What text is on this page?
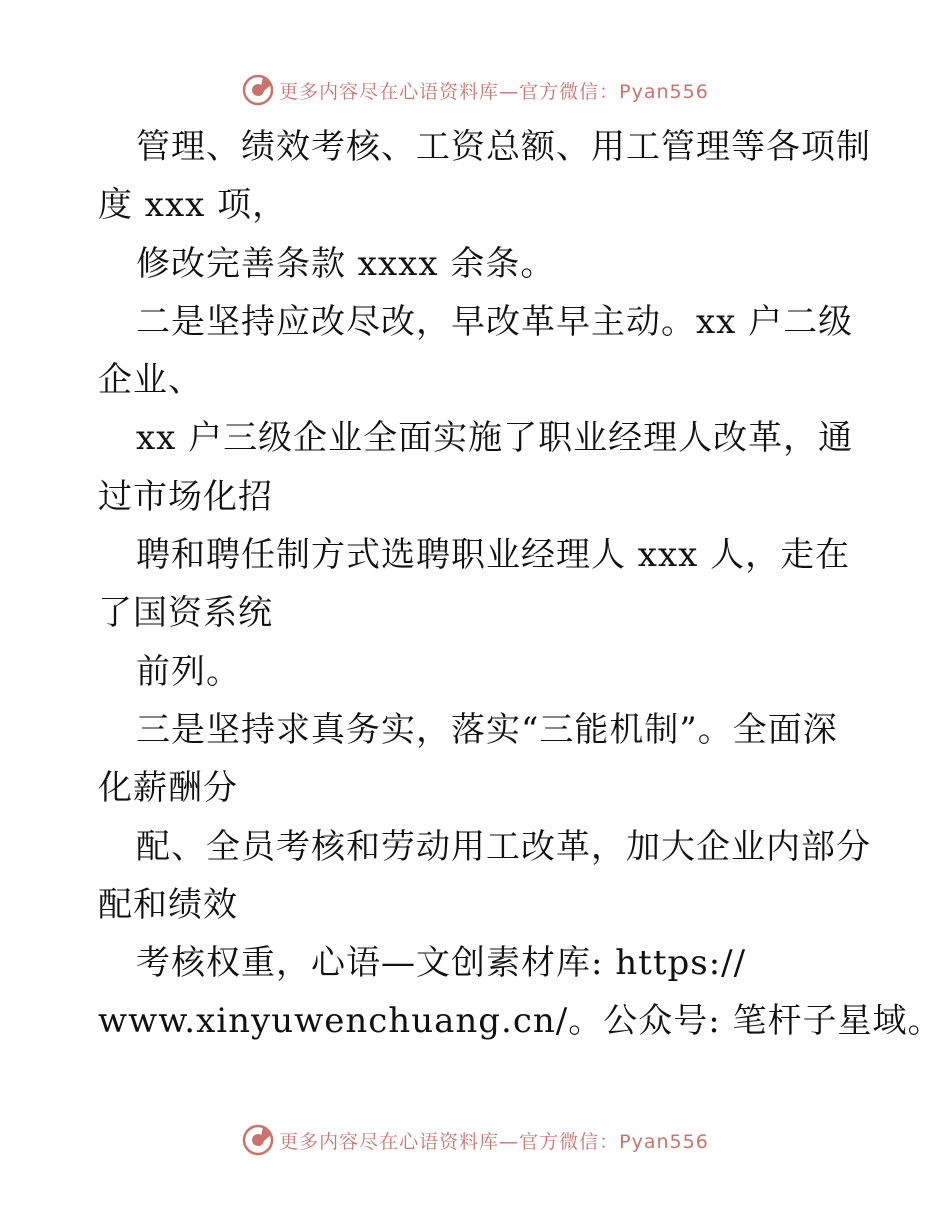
更多内容尽在心语资料库—官方微信：Pyan556
管理、绩效考核、工资总额、用工管理等各项制
度 xxx 项，
修改完善条款 xxxx 余条。
二是坚持应改尽改，早改革早主动。xx 户二级
企业、
xx 户三级企业全面实施了职业经理人改革，通
过市场化招
聘和聘任制方式选聘职业经理人 xxx 人，走在
了国资系统
前列。
三是坚持求真务实，落实“三能机制”。全面深
化薪酬分
配、全员考核和劳动用工改革，加大企业内部分
配和绩效
考核权重，心语—文创素材库: https://
www.xinyuwenchuang.cn/。公众号: 笔杆子星域。
更多内容尽在心语资料库—官方微信：Pyan556
